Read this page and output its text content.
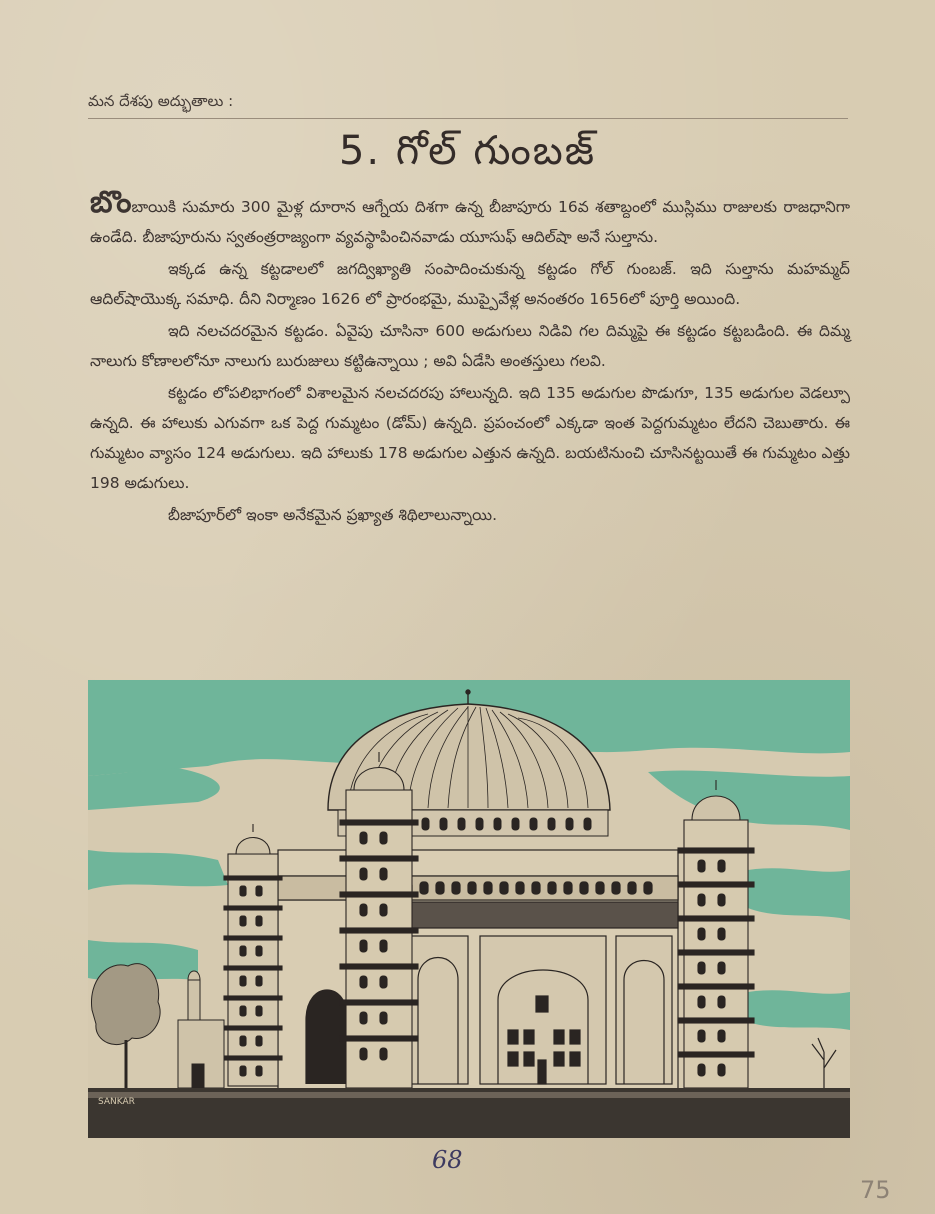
మన దేశపు అద్భుతాలు :
5. గోల్ గుంబజ్

బొంబాయికి సుమారు 300 మైళ్ల దూరాన ఆగ్నేయ దిశగా ఉన్న బీజాపూరు 16వ శతాబ్దంలో ముస్లిము రాజులకు రాజధానిగా ఉండేది. బీజాపూరును స్వతంత్రరాజ్యంగా వ్యవస్థాపించినవాడు యూసుఫ్ ఆదిల్‌షా అనే సుల్తాను.

ఇక్కడ ఉన్న కట్టడాలలో జగద్విఖ్యాతి సంపాదించుకున్న కట్టడం గోల్ గుంబజ్. ఇది సుల్తాను మహమ్మద్ ఆదిల్‌షాయొక్క సమాధి. దీని నిర్మాణం 1626 లో ప్రారంభమై, ముప్పైవేళ్ల అనంతరం 1656లో పూర్తి అయింది.

ఇది నలచదరమైన కట్టడం. ఏవైపు చూసినా 600 అడుగులు నిడివి గల దిమ్మపై ఈ కట్టడం కట్టబడింది. ఈ దిమ్మ నాలుగు కోణాలలోనూ నాలుగు బురుజులు కట్టిఉన్నాయి ; అవి ఏడేసి అంతస్తులు గలవి.

కట్టడం లోపలిభాగంలో విశాలమైన నలచదరపు హాలున్నది. ఇది 135 అడుగుల పొడుగూ, 135 అడుగుల వెడల్పూ ఉన్నది. ఈ హాలుకు ఎగువగా ఒక పెద్ద గుమ్మటం (డోమ్) ఉన్నది. ప్రపంచంలో ఎక్కడా ఇంత పెద్దగుమ్మటం లేదని చెబుతారు. ఈ గుమ్మటం వ్యాసం 124 అడుగులు. ఇది హాలుకు 178 అడుగుల ఎత్తున ఉన్నది. బయటినుంచి చూసినట్టయితే ఈ గుమ్మటం ఎత్తు 198 అడుగులు.

బీజాపూర్‌లో ఇంకా అనేకమైన ప్రఖ్యాత శిథిలాలున్నాయి.

SANKAR
68
75
